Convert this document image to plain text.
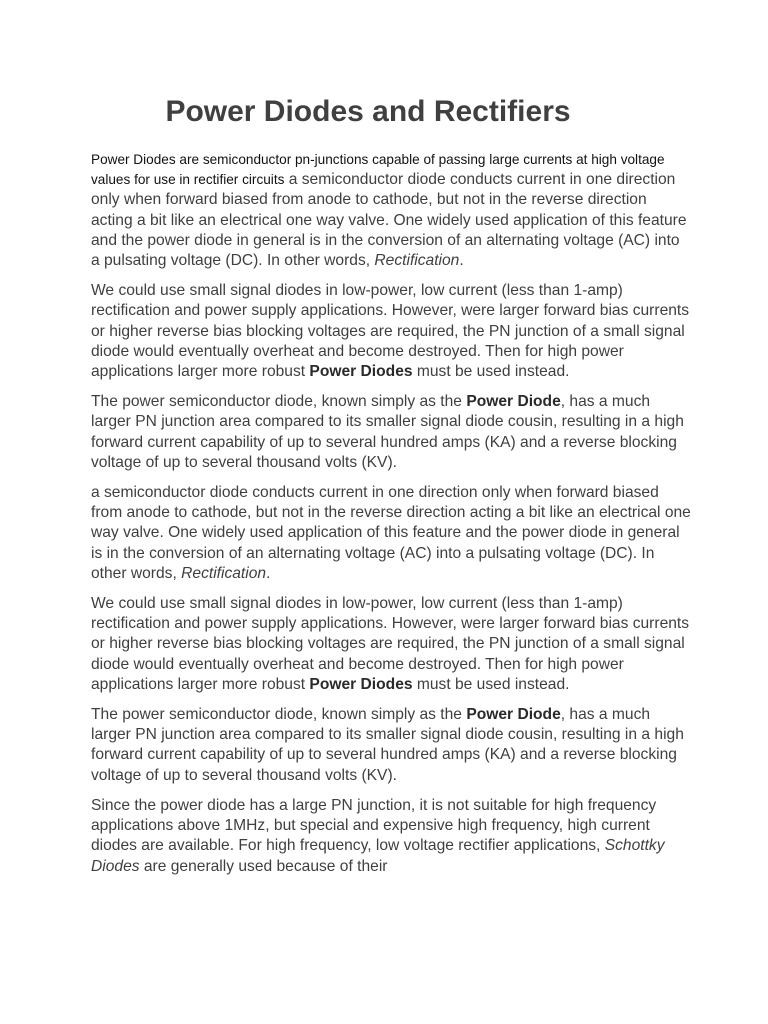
Power Diodes and Rectifiers

Power Diodes are semiconductor pn-junctions capable of passing large currents at high voltage values for use in rectifier circuits a semiconductor diode conducts current in one direction only when forward biased from anode to cathode, but not in the reverse direction acting a bit like an electrical one way valve. One widely used application of this feature and the power diode in general is in the conversion of an alternating voltage (AC) into a pulsating voltage (DC). In other words, Rectification.

We could use small signal diodes in low-power, low current (less than 1-amp) rectification and power supply applications. However, were larger forward bias currents or higher reverse bias blocking voltages are required, the PN junction of a small signal diode would eventually overheat and become destroyed. Then for high power applications larger more robust Power Diodes must be used instead.

The power semiconductor diode, known simply as the Power Diode, has a much larger PN junction area compared to its smaller signal diode cousin, resulting in a high forward current capability of up to several hundred amps (KA) and a reverse blocking voltage of up to several thousand volts (KV).

a semiconductor diode conducts current in one direction only when forward biased from anode to cathode, but not in the reverse direction acting a bit like an electrical one way valve. One widely used application of this feature and the power diode in general is in the conversion of an alternating voltage (AC) into a pulsating voltage (DC). In other words, Rectification.

We could use small signal diodes in low-power, low current (less than 1-amp) rectification and power supply applications. However, were larger forward bias currents or higher reverse bias blocking voltages are required, the PN junction of a small signal diode would eventually overheat and become destroyed. Then for high power applications larger more robust Power Diodes must be used instead.

The power semiconductor diode, known simply as the Power Diode, has a much larger PN junction area compared to its smaller signal diode cousin, resulting in a high forward current capability of up to several hundred amps (KA) and a reverse blocking voltage of up to several thousand volts (KV).

Since the power diode has a large PN junction, it is not suitable for high frequency applications above 1MHz, but special and expensive high frequency, high current diodes are available. For high frequency, low voltage rectifier applications, Schottky Diodes are generally used because of their
